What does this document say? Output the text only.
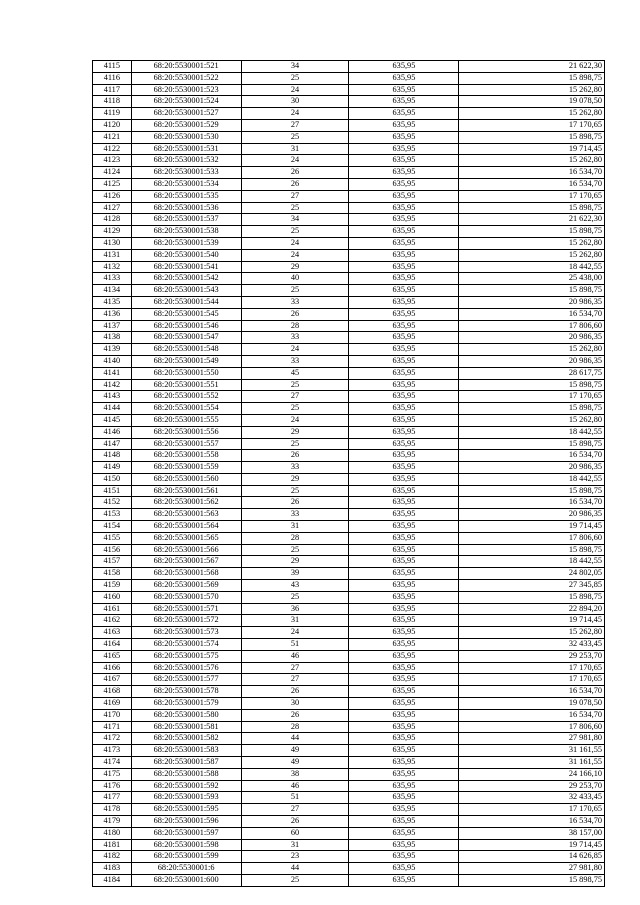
4115	68:20:5530001:521	34	635,95	21 622,30
4116	68:20:5530001:522	25	635,95	15 898,75
4117	68:20:5530001:523	24	635,95	15 262,80
4118	68:20:5530001:524	30	635,95	19 078,50
4119	68:20:5530001:527	24	635,95	15 262,80
4120	68:20:5530001:529	27	635,95	17 170,65
4121	68:20:5530001:530	25	635,95	15 898,75
4122	68:20:5530001:531	31	635,95	19 714,45
4123	68:20:5530001:532	24	635,95	15 262,80
4124	68:20:5530001:533	26	635,95	16 534,70
4125	68:20:5530001:534	26	635,95	16 534,70
4126	68:20:5530001:535	27	635,95	17 170,65
4127	68:20:5530001:536	25	635,95	15 898,75
4128	68:20:5530001:537	34	635,95	21 622,30
4129	68:20:5530001:538	25	635,95	15 898,75
4130	68:20:5530001:539	24	635,95	15 262,80
4131	68:20:5530001:540	24	635,95	15 262,80
4132	68:20:5530001:541	29	635,95	18 442,55
4133	68:20:5530001:542	40	635,95	25 438,00
4134	68:20:5530001:543	25	635,95	15 898,75
4135	68:20:5530001:544	33	635,95	20 986,35
4136	68:20:5530001:545	26	635,95	16 534,70
4137	68:20:5530001:546	28	635,95	17 806,60
4138	68:20:5530001:547	33	635,95	20 986,35
4139	68:20:5530001:548	24	635,95	15 262,80
4140	68:20:5530001:549	33	635,95	20 986,35
4141	68:20:5530001:550	45	635,95	28 617,75
4142	68:20:5530001:551	25	635,95	15 898,75
4143	68:20:5530001:552	27	635,95	17 170,65
4144	68:20:5530001:554	25	635,95	15 898,75
4145	68:20:5530001:555	24	635,95	15 262,80
4146	68:20:5530001:556	29	635,95	18 442,55
4147	68:20:5530001:557	25	635,95	15 898,75
4148	68:20:5530001:558	26	635,95	16 534,70
4149	68:20:5530001:559	33	635,95	20 986,35
4150	68:20:5530001:560	29	635,95	18 442,55
4151	68:20:5530001:561	25	635,95	15 898,75
4152	68:20:5530001:562	26	635,95	16 534,70
4153	68:20:5530001:563	33	635,95	20 986,35
4154	68:20:5530001:564	31	635,95	19 714,45
4155	68:20:5530001:565	28	635,95	17 806,60
4156	68:20:5530001:566	25	635,95	15 898,75
4157	68:20:5530001:567	29	635,95	18 442,55
4158	68:20:5530001:568	39	635,95	24 802,05
4159	68:20:5530001:569	43	635,95	27 345,85
4160	68:20:5530001:570	25	635,95	15 898,75
4161	68:20:5530001:571	36	635,95	22 894,20
4162	68:20:5530001:572	31	635,95	19 714,45
4163	68:20:5530001:573	24	635,95	15 262,80
4164	68:20:5530001:574	51	635,95	32 433,45
4165	68:20:5530001:575	46	635,95	29 253,70
4166	68:20:5530001:576	27	635,95	17 170,65
4167	68:20:5530001:577	27	635,95	17 170,65
4168	68:20:5530001:578	26	635,95	16 534,70
4169	68:20:5530001:579	30	635,95	19 078,50
4170	68:20:5530001:580	26	635,95	16 534,70
4171	68:20:5530001:581	28	635,95	17 806,60
4172	68:20:5530001:582	44	635,95	27 981,80
4173	68:20:5530001:583	49	635,95	31 161,55
4174	68:20:5530001:587	49	635,95	31 161,55
4175	68:20:5530001:588	38	635,95	24 166,10
4176	68:20:5530001:592	46	635,95	29 253,70
4177	68:20:5530001:593	51	635,95	32 433,45
4178	68:20:5530001:595	27	635,95	17 170,65
4179	68:20:5530001:596	26	635,95	16 534,70
4180	68:20:5530001:597	60	635,95	38 157,00
4181	68:20:5530001:598	31	635,95	19 714,45
4182	68:20:5530001:599	23	635,95	14 626,85
4183	68:20:5530001:6	44	635,95	27 981,80
4184	68:20:5530001:600	25	635,95	15 898,75
